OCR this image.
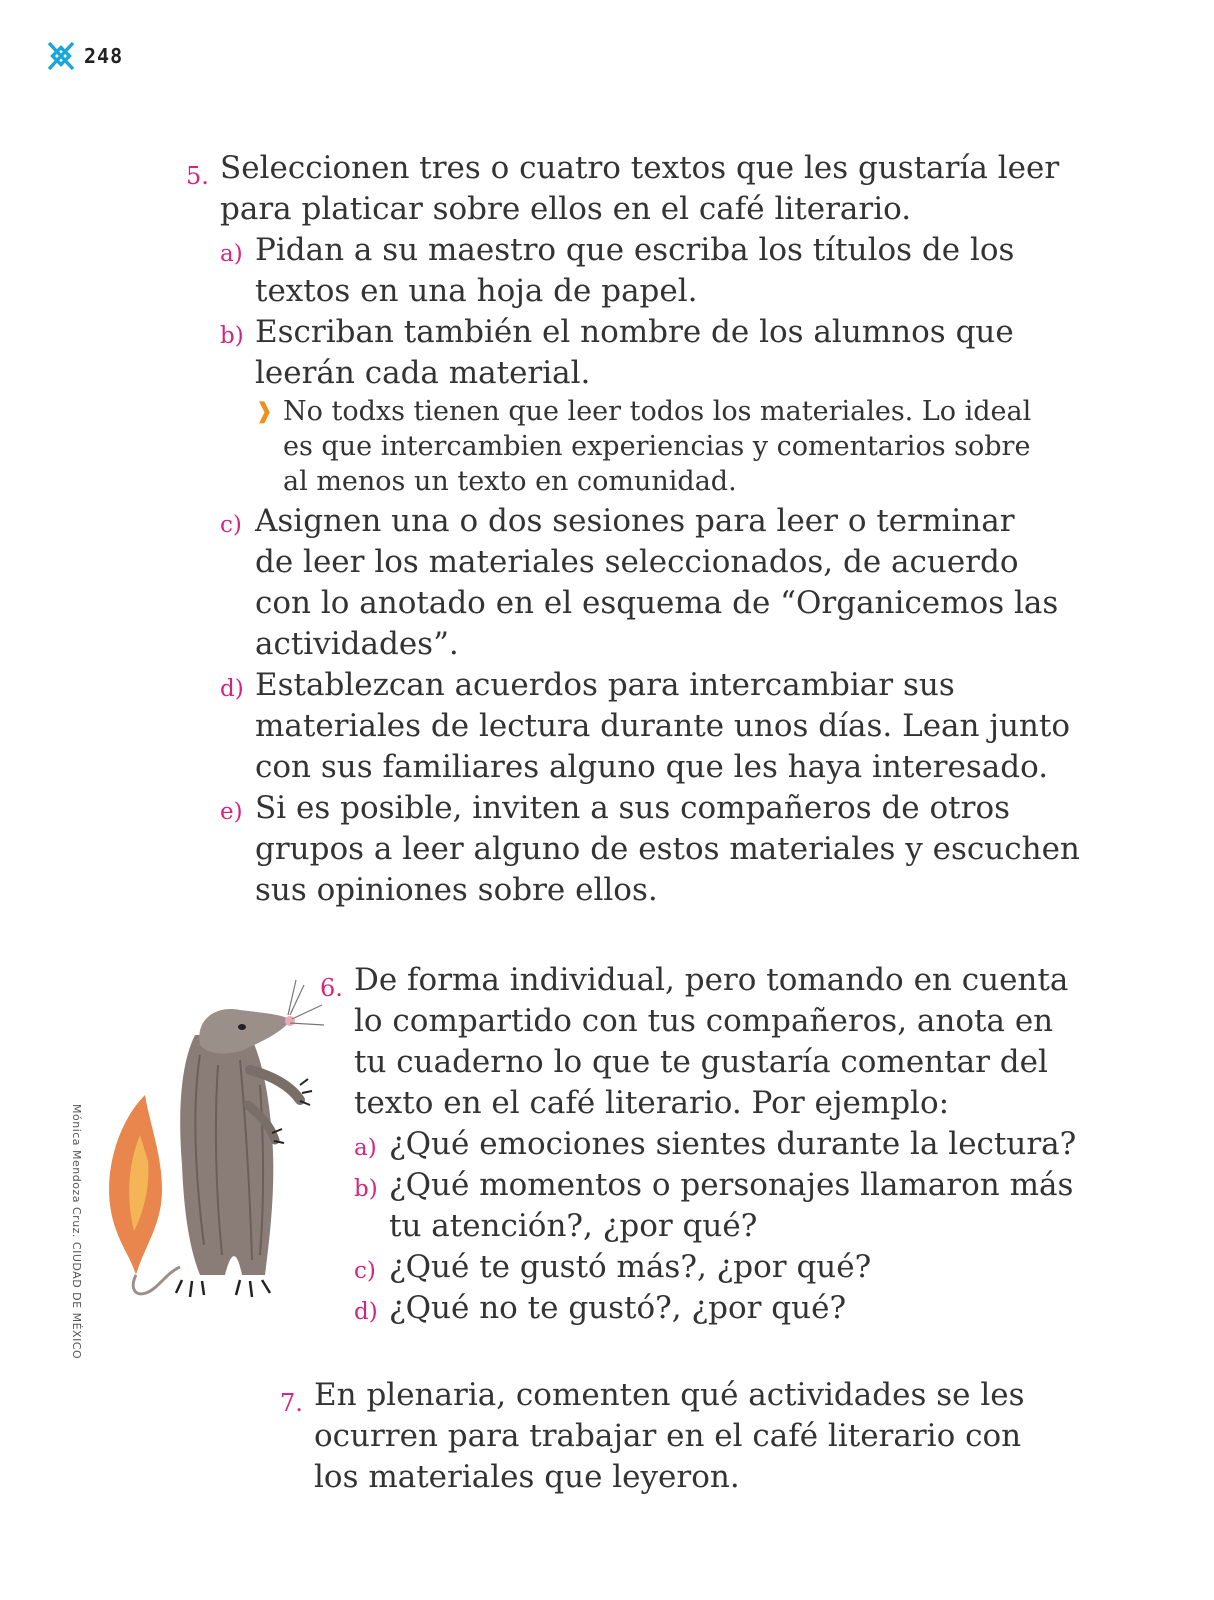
248
5. Seleccionen tres o cuatro textos que les gustaría leer
para platicar sobre ellos en el café literario.
a) Pidan a su maestro que escriba los títulos de los
textos en una hoja de papel.
b) Escriban también el nombre de los alumnos que
leerán cada material.
❱ No todxs tienen que leer todos los materiales. Lo ideal
es que intercambien experiencias y comentarios sobre
al menos un texto en comunidad.
c) Asignen una o dos sesiones para leer o terminar
de leer los materiales seleccionados, de acuerdo
con lo anotado en el esquema de “Organicemos las
actividades”.
d) Establezcan acuerdos para intercambiar sus
materiales de lectura durante unos días. Lean junto
con sus familiares alguno que les haya interesado.
e) Si es posible, inviten a sus compañeros de otros
grupos a leer alguno de estos materiales y escuchen
sus opiniones sobre ellos.
Mónica Mendoza Cruz. CIUDAD DE MÉXICO
6. De forma individual, pero tomando en cuenta
lo compartido con tus compañeros, anota en
tu cuaderno lo que te gustaría comentar del
texto en el café literario. Por ejemplo:
a) ¿Qué emociones sientes durante la lectura?
b) ¿Qué momentos o personajes llamaron más
tu atención?, ¿por qué?
c) ¿Qué te gustó más?, ¿por qué?
d) ¿Qué no te gustó?, ¿por qué?
7. En plenaria, comenten qué actividades se les
ocurren para trabajar en el café literario con
los materiales que leyeron.
